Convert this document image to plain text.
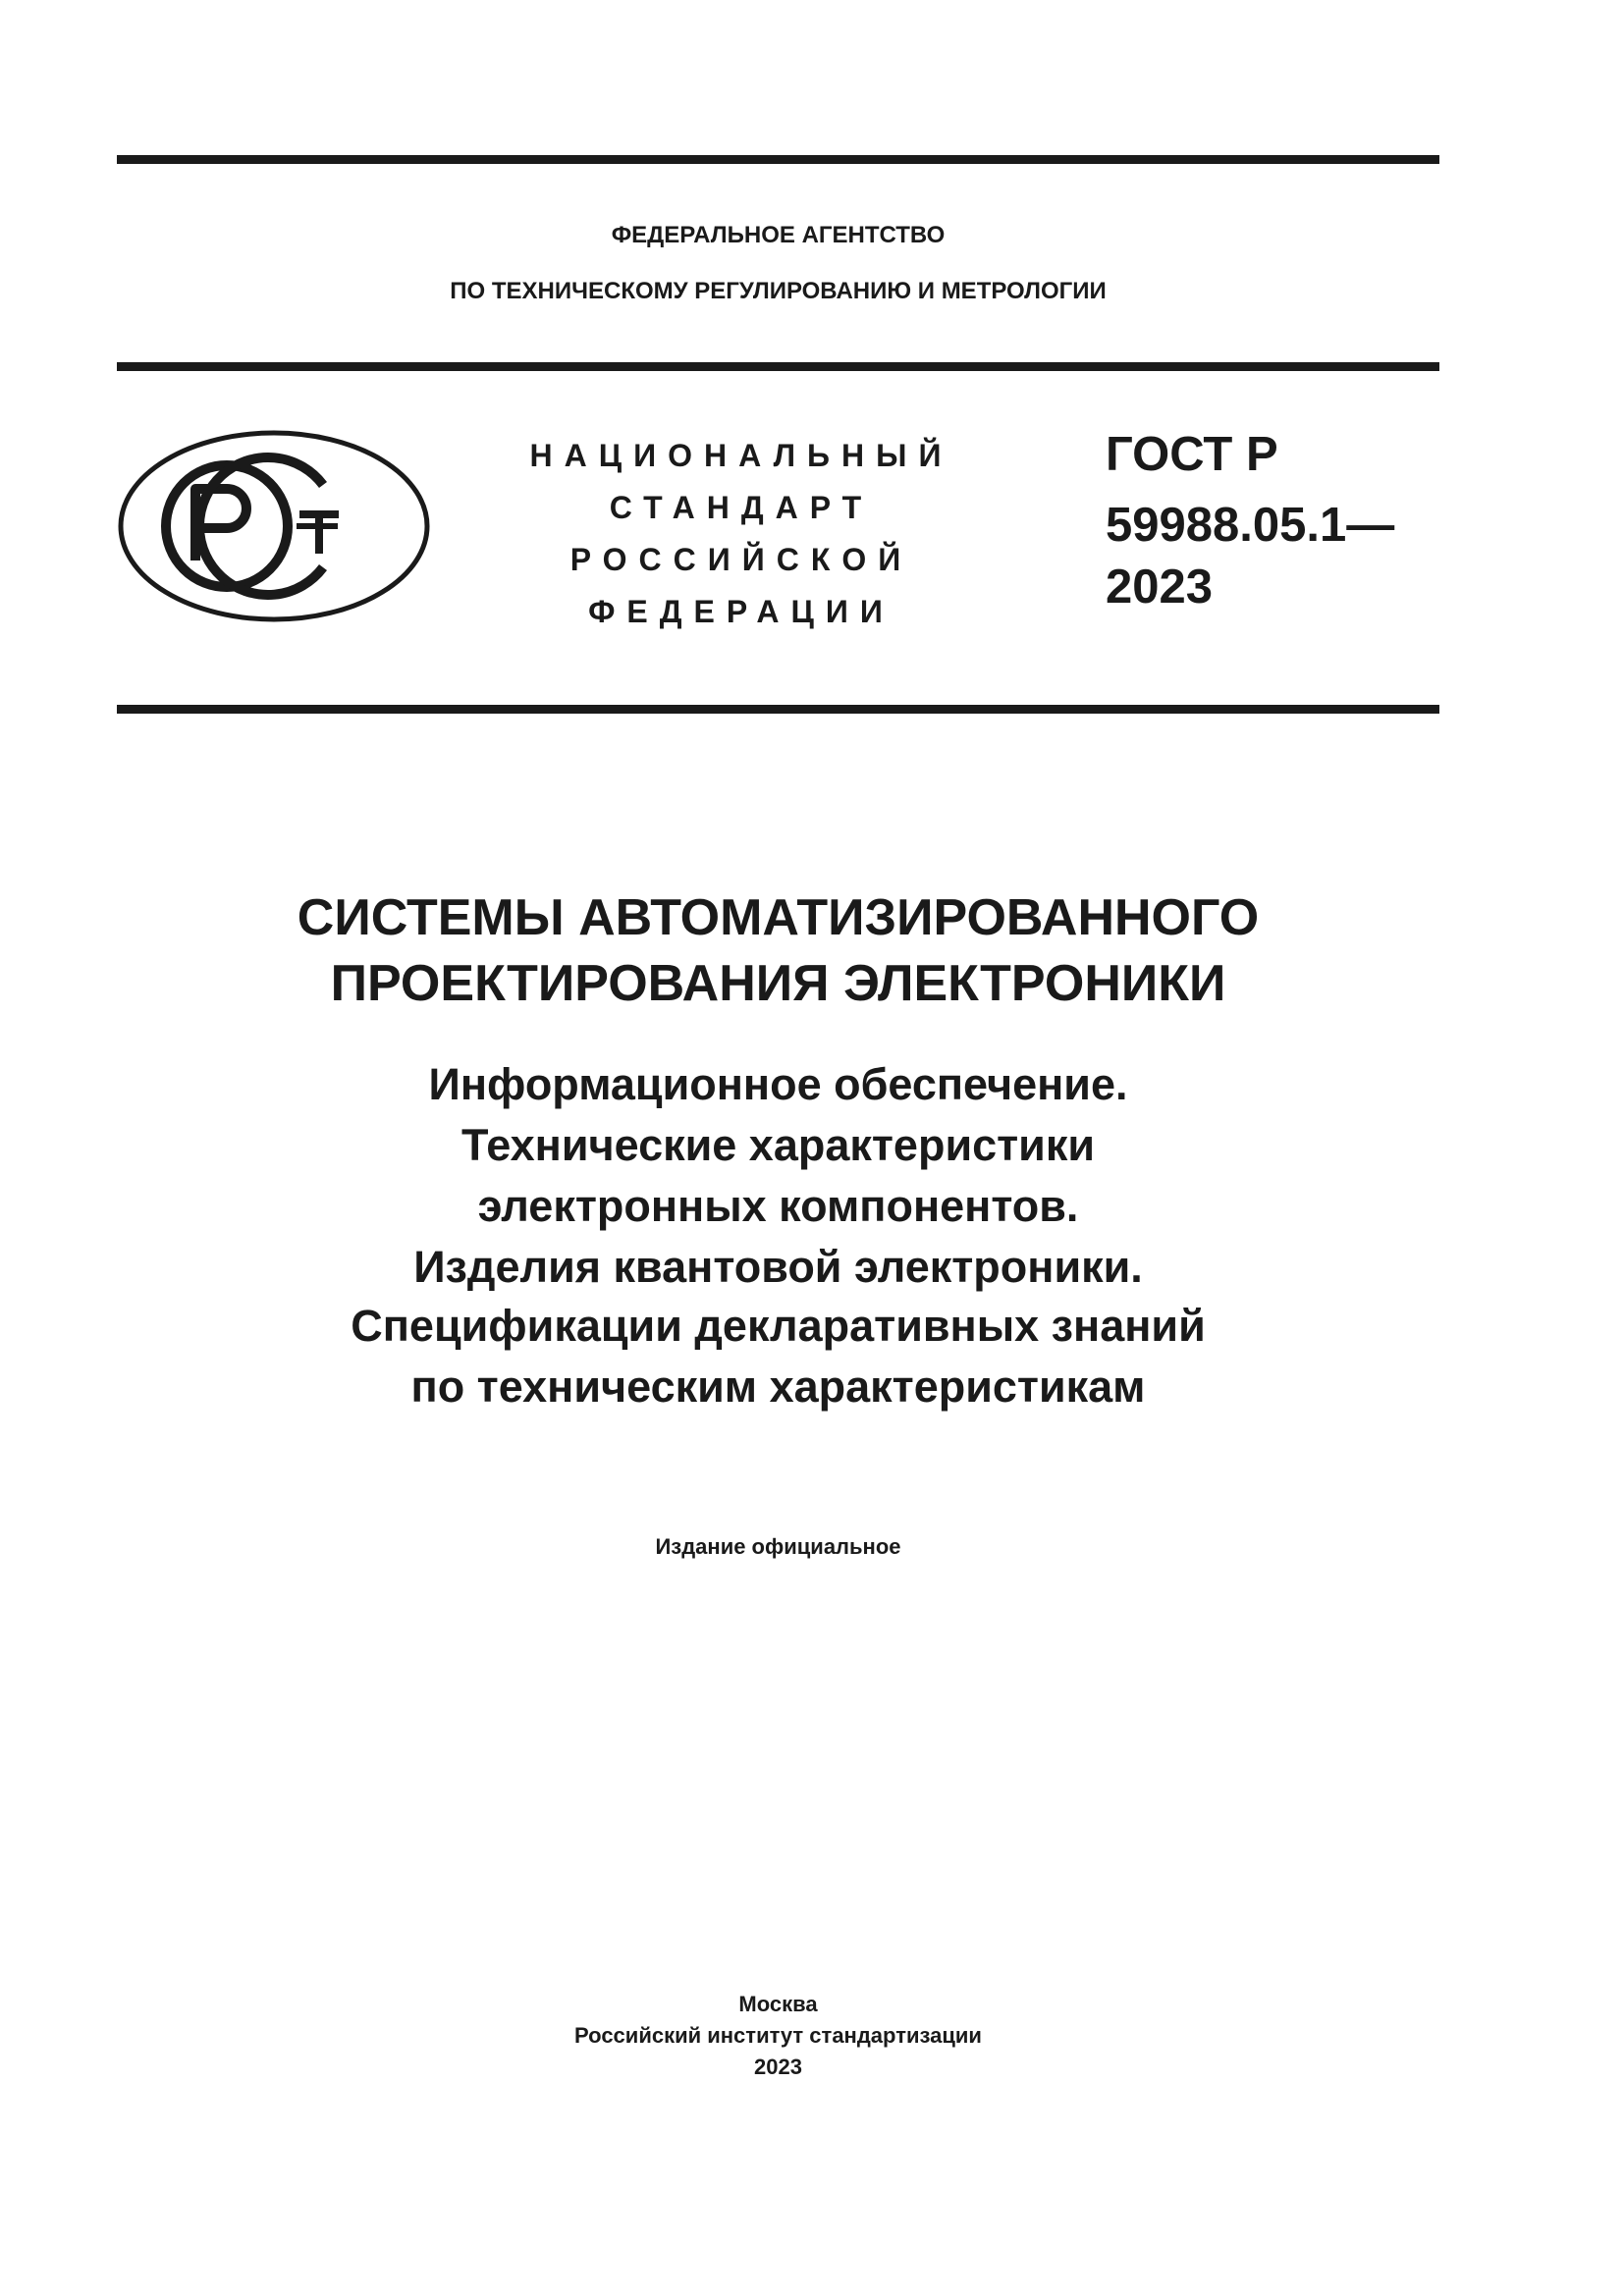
ФЕДЕРАЛЬНОЕ АГЕНТСТВО
ПО ТЕХНИЧЕСКОМУ РЕГУЛИРОВАНИЮ И МЕТРОЛОГИИ
НАЦИОНАЛЬНЫЙ
СТАНДАРТ
РОССИЙСКОЙ
ФЕДЕРАЦИИ
ГОСТ Р
59988.05.1—
2023
СИСТЕМЫ АВТОМАТИЗИРОВАННОГО
ПРОЕКТИРОВАНИЯ ЭЛЕКТРОНИКИ
Информационное обеспечение.
Технические характеристики
электронных компонентов.
Изделия квантовой электроники.
Спецификации декларативных знаний
по техническим характеристикам
Издание официальное
Москва
Российский институт стандартизации
2023
